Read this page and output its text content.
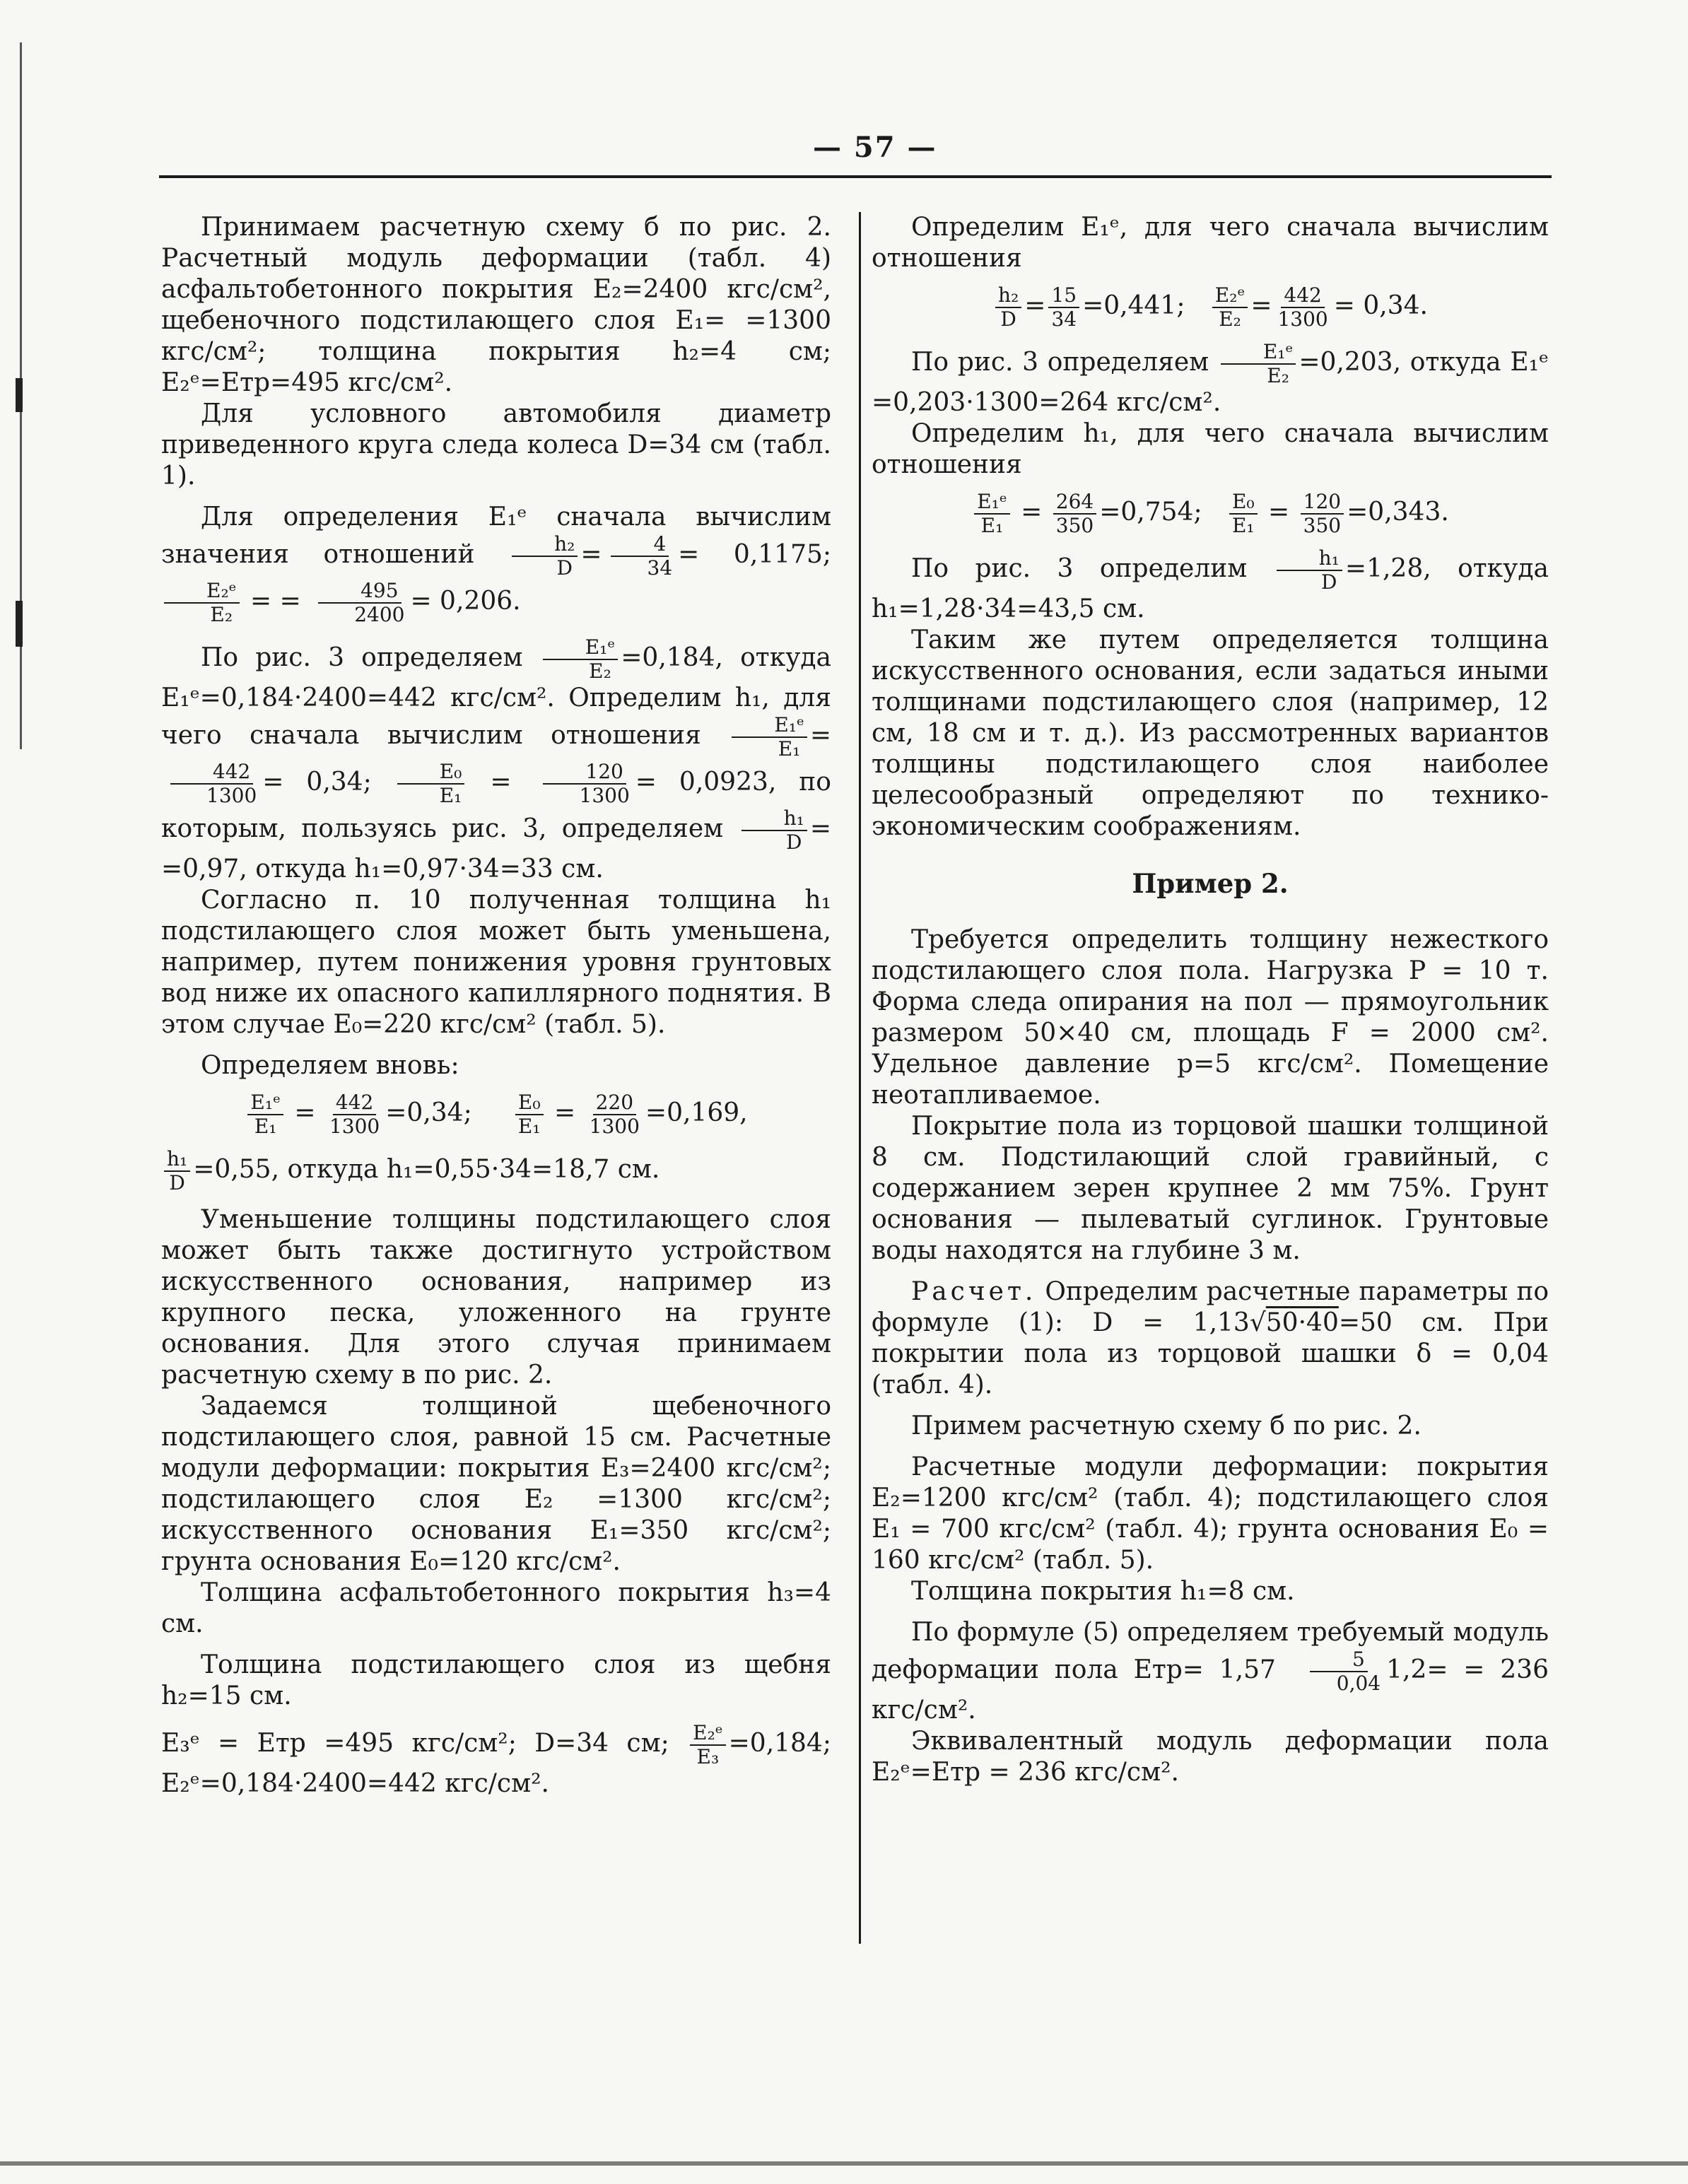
— 57 —

Принимаем расчетную схему б по рис. 2. Расчетный модуль деформации (табл. 4) асфальтобетонного покрытия E₂=2400 кгс/см², щебеночного подстилающего слоя E₁= =1300 кгс/см²; толщина покрытия h₂=4 см; E₂ᵉ=Eтр=495 кгс/см².

Для условного автомобиля диаметр приведенного круга следа колеса D=34 см (табл. 1).

Для определения E₁ᵉ сначала вычислим значения отношений $\frac{\text{h₂}}{D} = \frac{4}{34} = 0,1175$;
$\frac{\text{E₂ᵉ}}{\text{E₂}}$ = = $\frac{495}{2400} = 0,206$.

По рис. 3 определяем $\frac{\text{E₁ᵉ}}{\text{E₂}} =0,184$, откуда E₁ᵉ=0,184·2400=442 кгс/см². Определим h₁, для чего сначала вычислим отношения $\frac{\text{E₁ᵉ}}{\text{E₁}}$ =
$\frac{442}{1300} = 0,34$; $\frac{\text{E₀}}{\text{E₁}} = \frac{120}{1300} = 0,0923$, по которым, пользуясь рис. 3, определяем $\frac{\text{h₁}}{D} = =0,97$, откуда h₁=0,97·34=33 см.

Согласно п. 10 полученная толщина h₁ подстилающего слоя может быть уменьшена, например, путем понижения уровня грунтовых вод ниже их опасного капиллярного поднятия. В этом случае E₀=220 кгс/см² (табл. 5).

Определяем вновь:

$\frac{\text{E₁ᵉ}}{\text{E₁}} = \frac{442}{1300} =0,34$; $\frac{\text{E₀}}{\text{E₁}} = \frac{220}{1300} =0,169$,

$\frac{\text{h₁}}{D} =0,55$, откуда h₁=0,55·34=18,7 см.

Уменьшение толщины подстилающего слоя может быть также достигнуто устройством искусственного основания, например из крупного песка, уложенного на грунте основания. Для этого случая принимаем расчетную схему в по рис. 2.

Задаемся толщиной щебеночного подстилающего слоя, равной 15 см. Расчетные модули деформации: покрытия E₃=2400 кгс/см²; подстилающего слоя E₂ =1300 кгс/см²; искусственного основания E₁=350 кгс/см²; грунта основания E₀=120 кгс/см².

Толщина асфальтобетонного покрытия h₃=4 см.

Толщина подстилающего слоя из щебня h₂=15 см.

E₃ᵉ = Eтр =495 кгс/см²; D=34 см; $\frac{\text{E₂ᵉ}}{\text{E₃}} =0,184$; E₂ᵉ=0,184·2400=442 кгс/см².

Определим E₁ᵉ, для чего сначала вычислим отношения

$\frac{\text{h₂}}{D} = \frac{15}{34} =0,441$; $\frac{\text{E₂ᵉ}}{\text{E₂}} = \frac{442}{1300} = 0,34$.

По рис. 3 определяем $\frac{\text{E₁ᵉ}}{\text{E₂}} =0,203$, откуда E₁ᵉ =0,203·1300=264 кгс/см².

Определим h₁, для чего сначала вычислим отношения

$\frac{\text{E₁ᵉ}}{\text{E₁}} = \frac{264}{350} =0,754$; $\frac{\text{E₀}}{\text{E₁}} = \frac{120}{350} =0,343$.

По рис. 3 определим $\frac{\text{h₁}}{D} =1,28$, откуда h₁=1,28·34=43,5 см.

Таким же путем определяется толщина искусственного основания, если задаться иными толщинами подстилающего слоя (например, 12 см, 18 см и т. д.). Из рассмотренных вариантов толщины подстилающего слоя наиболее целесообразный определяют по технико-экономическим соображениям.

Пример 2.

Требуется определить толщину нежесткого подстилающего слоя пола. Нагрузка P = 10 т. Форма следа опирания на пол — прямоугольник размером 50×40 см, площадь F = 2000 см². Удельное давление p=5 кгс/см². Помещение неотапливаемое.

Покрытие пола из торцовой шашки толщиной 8 см. Подстилающий слой гравийный, с содержанием зерен крупнее 2 мм 75%. Грунт основания — пылеватый суглинок. Грунтовые воды находятся на глубине 3 м.

Расчет. Определим расчетные параметры по формуле (1): D = 1,13√50·40=50 см. При покрытии пола из торцовой шашки δ = 0,04 (табл. 4).

Примем расчетную схему б по рис. 2.

Расчетные модули деформации: покрытия E₂=1200 кгс/см² (табл. 4); подстилающего слоя E₁ = 700 кгс/см² (табл. 4); грунта основания E₀ = 160 кгс/см² (табл. 5).

Толщина покрытия h₁=8 см.

По формуле (5) определяем требуемый модуль деформации пола $Eтр= 1,57 \frac{5}{0,04} 1,2= = 236$ кгс/см².

Эквивалентный модуль деформации пола E₂ᵉ=Eтр = 236 кгс/см².
